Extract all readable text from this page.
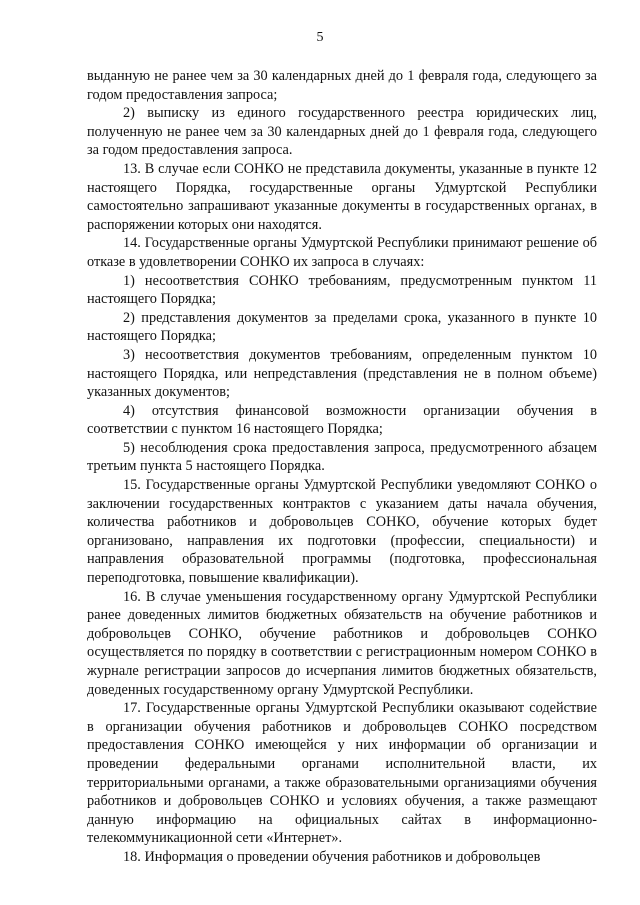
5

выданную не ранее чем за 30 календарных дней до 1 февраля года, следующего за годом предоставления запроса;

2) выписку из единого государственного реестра юридических лиц, полученную не ранее чем за 30 календарных дней до 1 февраля года, следующего за годом предоставления запроса.

13. В случае если СОНКО не представила документы, указанные в пункте 12 настоящего Порядка, государственные органы Удмуртской Республики самостоятельно запрашивают указанные документы в государственных органах, в распоряжении которых они находятся.

14. Государственные органы Удмуртской Республики принимают решение об отказе в удовлетворении СОНКО их запроса в случаях:

1) несоответствия СОНКО требованиям, предусмотренным пунктом 11 настоящего Порядка;

2) представления документов за пределами срока, указанного в пункте 10 настоящего Порядка;

3) несоответствия документов требованиям, определенным пунктом 10 настоящего Порядка, или непредставления (представления не в полном объеме) указанных документов;

4) отсутствия финансовой возможности организации обучения в соответствии с пунктом 16 настоящего Порядка;

5) несоблюдения срока предоставления запроса, предусмотренного абзацем третьим пункта 5 настоящего Порядка.

15. Государственные органы Удмуртской Республики уведомляют СОНКО о заключении государственных контрактов с указанием даты начала обучения, количества работников и добровольцев СОНКО, обучение которых будет организовано, направления их подготовки (профессии, специальности) и направления образовательной программы (подготовка, профессиональная переподготовка, повышение квалификации).

16. В случае уменьшения государственному органу Удмуртской Республики ранее доведенных лимитов бюджетных обязательств на обучение работников и добровольцев СОНКО, обучение работников и добровольцев СОНКО осуществляется по порядку в соответствии с регистрационным номером СОНКО в журнале регистрации запросов до исчерпания лимитов бюджетных обязательств, доведенных государственному органу Удмуртской Республики.

17. Государственные органы Удмуртской Республики оказывают содействие в организации обучения работников и добровольцев СОНКО посредством предоставления СОНКО имеющейся у них информации об организации и проведении федеральными органами исполнительной власти, их территориальными органами, а также образовательными организациями обучения работников и добровольцев СОНКО и условиях обучения, а также размещают данную информацию на официальных сайтах в информационно-телекоммуникационной сети «Интернет».

18. Информация о проведении обучения работников и добровольцев
